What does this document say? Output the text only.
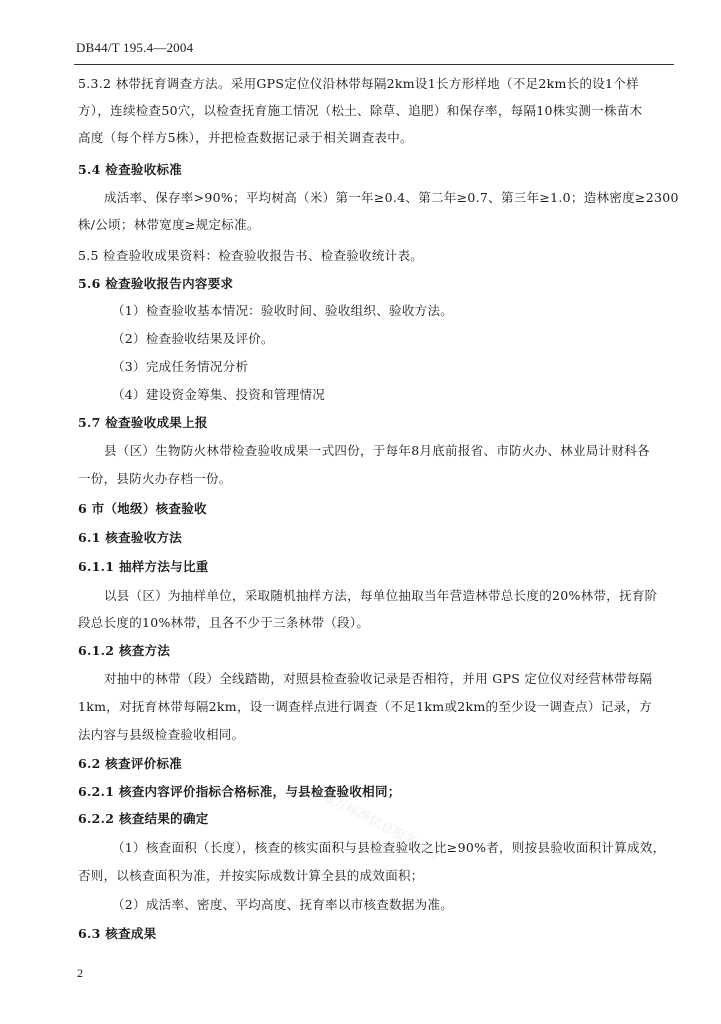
DB44/T 195.4—2004
5.3.2 林带抚育调查方法。采用GPS定位仪沿林带每隔2km设1长方形样地（不足2km长的设1个样
方），连续检查50穴，以检查抚育施工情况（松土、除草、追肥）和保存率，每隔10株实测一株苗木
高度（每个样方5株），并把检查数据记录于相关调查表中。
5.4 检查验收标准
成活率、保存率>90%；平均树高（米）第一年≥0.4、第二年≥0.7、第三年≥1.0；造林密度≥2300
株/公顷；林带宽度≥规定标准。
5.5 检查验收成果资料：检查验收报告书、检查验收统计表。
5.6 检查验收报告内容要求
（1）检查验收基本情况：验收时间、验收组织、验收方法。
（2）检查验收结果及评价。
（3）完成任务情况分析
（4）建设资金筹集、投资和管理情况
5.7 检查验收成果上报
县（区）生物防火林带检查验收成果一式四份，于每年8月底前报省、市防火办、林业局计财科各
一份，县防火办存档一份。
6 市（地级）核查验收
6.1 核查验收方法
6.1.1 抽样方法与比重
以县（区）为抽样单位，采取随机抽样方法，每单位抽取当年营造林带总长度的20%林带，抚育阶
段总长度的10%林带，且各不少于三条林带（段）。
6.1.2 核查方法
对抽中的林带（段）全线踏勘，对照县检查验收记录是否相符，并用 GPS 定位仪对经营林带每隔
1km，对抚育林带每隔2km，设一调查样点进行调查（不足1km或2km的至少设一调查点）记录，方
法内容与县级检查验收相同。
6.2 核查评价标准
6.2.1 核查内容评价指标合格标准，与县检查验收相同；
6.2.2 核查结果的确定
（1）核查面积（长度），核查的核实面积与县检查验收之比≥90%者，则按县验收面积计算成效，
否则，以核查面积为准，并按实际成数计算全县的成效面积；
（2）成活率、密度、平均高度、抚育率以市核查数据为准。
6.3 核查成果
地方标准信息服务平台
2
